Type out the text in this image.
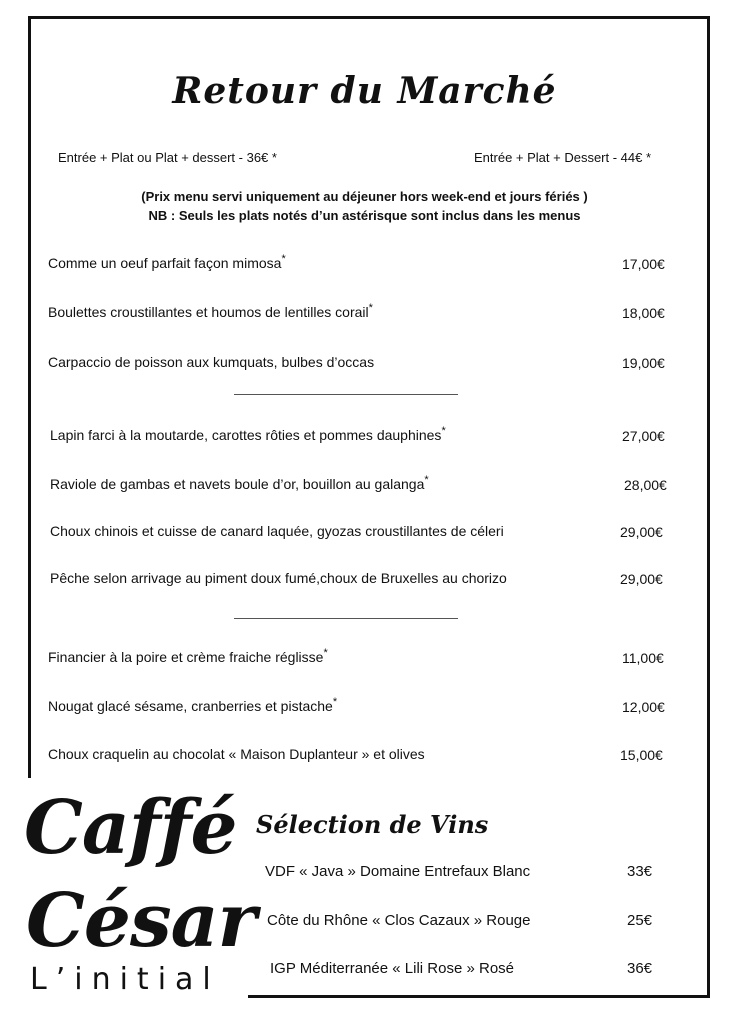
Retour du Marché
Entrée + Plat ou Plat + dessert - 36€ *	Entrée + Plat + Dessert - 44€ *
(Prix menu servi uniquement au déjeuner hors week-end et jours fériés )
NB : Seuls les plats notés d’un astérisque sont inclus dans les menus
Comme un oeuf parfait façon mimosa*	17,00€
Boulettes croustillantes et houmos de lentilles corail*	18,00€
Carpaccio de poisson aux kumquats, bulbes d’occas	19,00€
Lapin farci à la moutarde, carottes rôties et pommes dauphines*	27,00€
Raviole de gambas et navets boule d’or, bouillon au galanga*	28,00€
Choux chinois et cuisse de canard laquée, gyozas croustillantes de céleri	29,00€
Pêche selon arrivage au piment doux fumé,choux de Bruxelles au chorizo	29,00€
Financier à la poire et crème fraiche réglisse*	11,00€
Nougat glacé sésame, cranberries et pistache*	12,00€
Choux craquelin au chocolat « Maison Duplanteur » et olives	15,00€
Caffé
César
L’initial
Sélection de Vins
VDF « Java » Domaine Entrefaux Blanc	33€
Côte du Rhône « Clos Cazaux » Rouge	25€
IGP Méditerranée « Lili Rose » Rosé	36€
